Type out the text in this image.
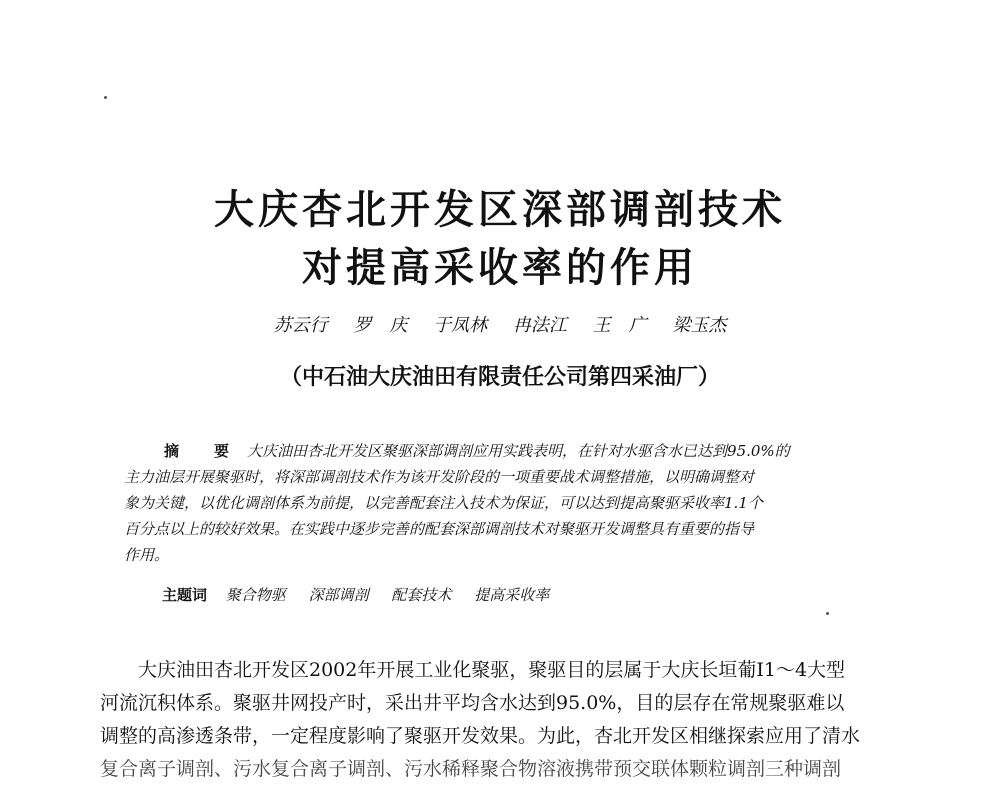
大庆杏北开发区深部调剖技术
对提高采收率的作用
苏云行 罗　庆 于凤林 冉法江 王　广 梁玉杰
（中石油大庆油田有限责任公司第四采油厂）
摘　要 大庆油田杏北开发区聚驱深部调剖应用实践表明，在针对水驱含水已达到95.0%的
主力油层开展聚驱时，将深部调剖技术作为该开发阶段的一项重要战术调整措施，以明确调整对
象为关键，以优化调剖体系为前提，以完善配套注入技术为保证，可以达到提高聚驱采收率1.1个
百分点以上的较好效果。在实践中逐步完善的配套深部调剖技术对聚驱开发调整具有重要的指导
作用。
主题词 聚合物驱 深部调剖 配套技术 提高采收率
大庆油田杏北开发区2002年开展工业化聚驱，聚驱目的层属于大庆长垣葡Ⅰ1～4大型
河流沉积体系。聚驱井网投产时，采出井平均含水达到95.0%，目的层存在常规聚驱难以
调整的高渗透条带，一定程度影响了聚驱开发效果。为此，杏北开发区相继探索应用了清水
复合离子调剖、污水复合离子调剖、污水稀释聚合物溶液携带预交联体颗粒调剖三种调剖
